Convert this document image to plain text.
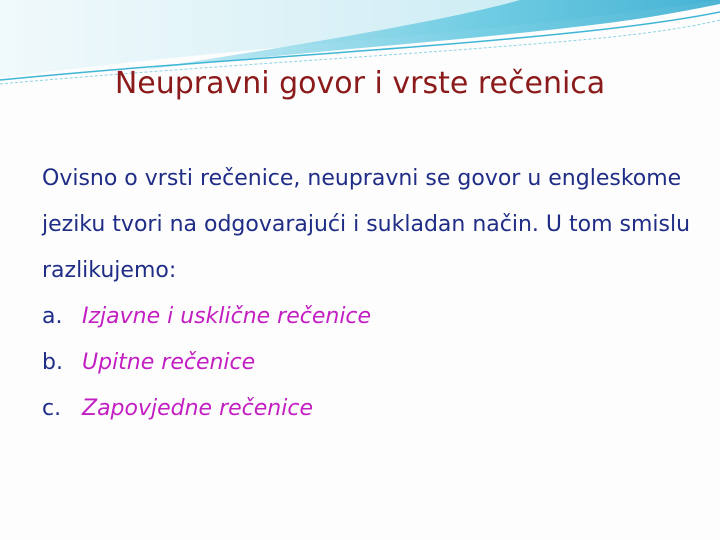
Neupravni govor i vrste rečenica

Ovisno o vrsti rečenice, neupravni se govor u engleskome jeziku tvori na odgovarajući i sukladan način. U tom smislu razlikujemo:

a. Izjavne i usklične rečenice
b. Upitne rečenice
c. Zapovjedne rečenice
